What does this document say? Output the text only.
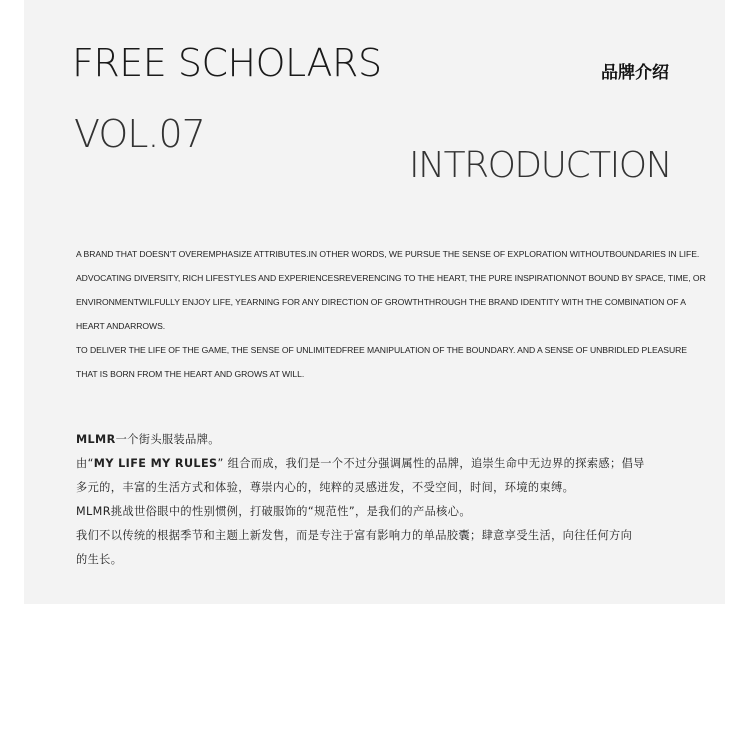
FREE SCHOLARS	品牌介绍
VOL.07
INTRODUCTION
A BRAND THAT DOESN'T OVEREMPHASIZE ATTRIBUTES.IN OTHER WORDS, WE PURSUE THE SENSE OF EXPLORATION WITHOUTBOUNDARIES IN LIFE.
ADVOCATING DIVERSITY, RICH LIFESTYLES AND EXPERIENCESREVERENCING TO THE HEART, THE PURE INSPIRATIONNOT BOUND BY SPACE, TIME, OR
ENVIRONMENTWILFULLY ENJOY LIFE, YEARNING FOR ANY DIRECTION OF GROWTHTHROUGH THE BRAND IDENTITY WITH THE COMBINATION OF A
HEART ANDARROWS.
TO DELIVER THE LIFE OF THE GAME, THE SENSE OF UNLIMITEDFREE MANIPULATION OF THE BOUNDARY. AND A SENSE OF UNBRIDLED PLEASURE
THAT IS BORN FROM THE HEART AND GROWS AT WILL.
MLMR一个街头服装品牌。
由“MY LIFE MY RULES” 组合而成，我们是一个不过分强调属性的品牌，追崇生命中无边界的探索感；倡导
多元的，丰富的生活方式和体验，尊崇内心的，纯粹的灵感迸发，不受空间，时间，环境的束缚。
MLMR挑战世俗眼中的性别惯例，打破服饰的“规范性”，是我们的产品核心。
我们不以传统的根据季节和主题上新发售，而是专注于富有影响力的单品胶囊；肆意享受生活，向往任何方向
的生长。
